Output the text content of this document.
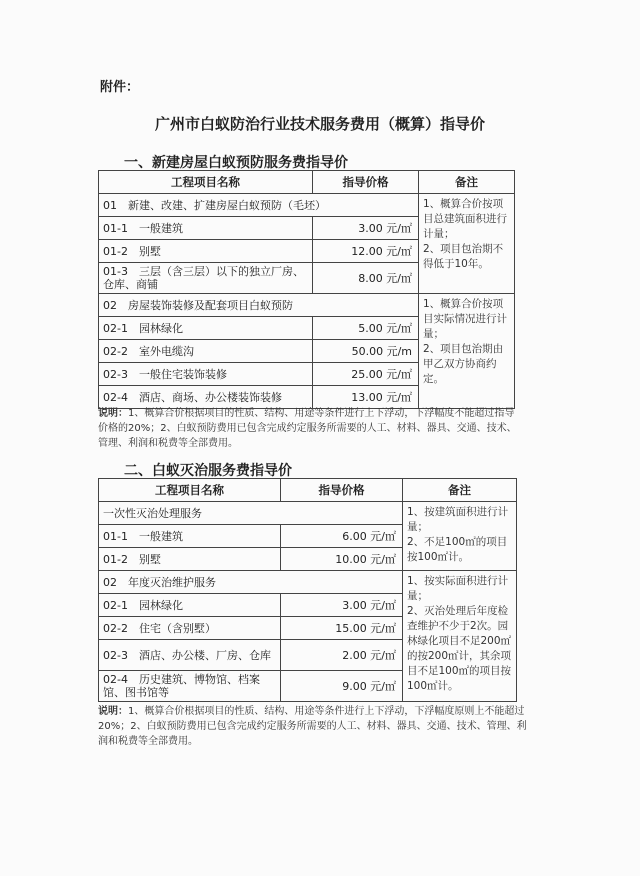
附件：
广州市白蚁防治行业技术服务费用（概算）指导价
一、新建房屋白蚁预防服务费指导价
工程项目名称	指导价格	备注
01　新建、改建、扩建房屋白蚁预防（毛坯）		1、概算合价按项目总建筑面积进行计量；
2、项目包治期不得低于10年。
01-1　一般建筑	3.00 元/㎡	
01-2　别墅	12.00 元/㎡	
01-3　三层（含三层）以下的独立厂房、仓库、商铺	8.00 元/㎡	
02　房屋装饰装修及配套项目白蚁预防		1、概算合价按项目实际情况进行计量；
2、项目包治期由甲乙双方协商约定。
02-1　园林绿化	5.00 元/㎡	
02-2　室外电缆沟	50.00 元/m	
02-3　一般住宅装饰装修	25.00 元/㎡	
02-4　酒店、商场、办公楼装饰装修	13.00 元/㎡	
说明：1、概算合价根据项目的性质、结构、用途等条件进行上下浮动，下浮幅度不能超过指导价格的20%；2、白蚁预防费用已包含完成约定服务所需要的人工、材料、器具、交通、技术、管理、利润和税费等全部费用。
二、白蚁灭治服务费指导价
工程项目名称	指导价格	备注
一次性灭治处理服务		1、按建筑面积进行计量；
2、不足100㎡的项目按100㎡计。
01-1　一般建筑	6.00 元/㎡	
01-2　别墅	10.00 元/㎡	
02　年度灭治维护服务		1、按实际面积进行计量；
2、灭治处理后年度检查维护不少于2次。园林绿化项目不足200㎡的按200㎡计，其余项目不足100㎡的项目按100㎡计。
02-1　园林绿化	3.00 元/㎡	
02-2　住宅（含别墅）	15.00 元/㎡	
02-3　酒店、办公楼、厂房、仓库	2.00 元/㎡	
02-4　历史建筑、博物馆、档案馆、图书馆等	9.00 元/㎡	
说明：1、概算合价根据项目的性质、结构、用途等条件进行上下浮动，下浮幅度原则上不能超过20%；2、白蚁预防费用已包含完成约定服务所需要的人工、材料、器具、交通、技术、管理、利润和税费等全部费用。
